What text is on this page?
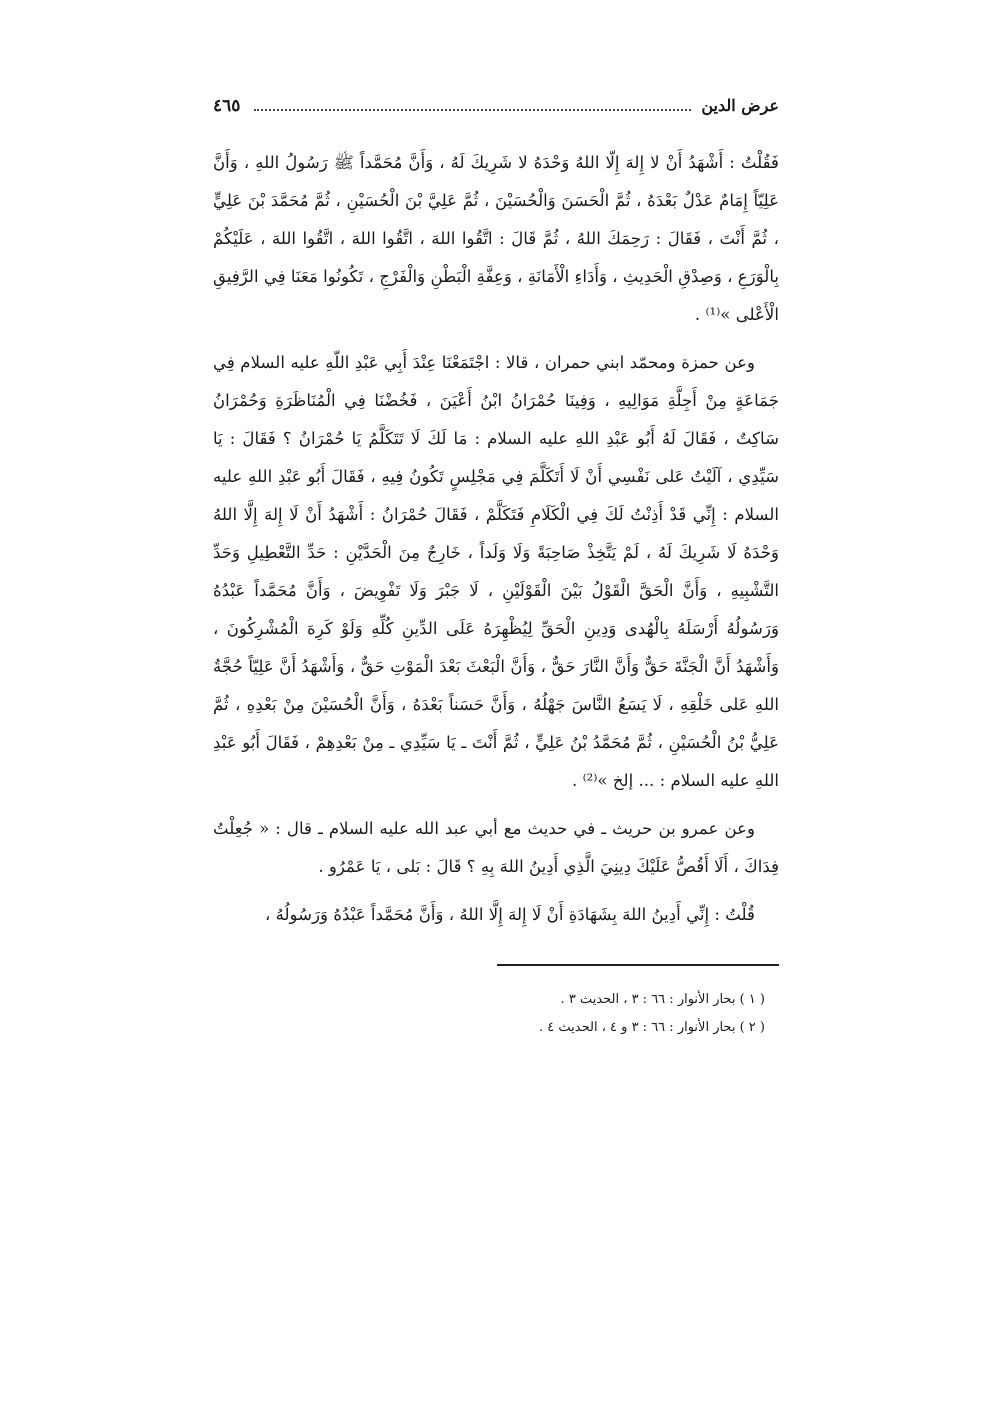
عرض الدين
٤٦٥

فَقُلْتُ : أَشْهَدُ أَنْ لا إِلهَ إِلّا اللهُ وَحْدَهُ لا شَرِيكَ لَهُ ، وَأَنَّ مُحَمَّداً ﷺ رَسُولُ اللهِ ، وَأَنَّ عَلِيّاً إِمَامٌ عَدْلٌ بَعْدَهُ ، ثُمَّ الْحَسَنَ وَالْحُسَيْنَ ، ثُمَّ عَلِيَّ بْنَ الْحُسَيْنِ ، ثُمَّ مُحَمَّدَ بْنَ عَلِيٍّ ، ثُمَّ أَنْتَ ، فَقَالَ : رَحِمَكَ اللهُ ، ثُمَّ قَالَ : اتَّقُوا اللهَ ، اتَّقُوا اللهَ ، اتَّقُوا اللهَ ، عَلَيْكُمْ بِالْوَرَعِ ، وَصِدْقِ الْحَدِيثِ ، وَأَدَاءِ الْأَمَانَةِ ، وَعِفَّةِ الْبَطْنِ وَالْفَرْجِ ، تَكُونُوا مَعَنَا فِي الرَّفِيقِ الْأَعْلى »⁽¹⁾ .

وعن حمزة ومحمّد ابني حمران ، قالا : اجْتَمَعْنَا عِنْدَ أَبِي عَبْدِ اللّهِ عليه السلام فِي جَمَاعَةٍ مِنْ أَجِلَّةِ مَوَالِيهِ ، وَفِينَا حُمْرَانُ ابْنُ أَعْيَنَ ، فَخُضْنَا فِي الْمُنَاظَرَةِ وَحُمْرَانُ سَاكِتٌ ، فَقَالَ لَهُ أَبُو عَبْدِ اللهِ عليه السلام : مَا لَكَ لَا تَتَكَلَّمُ يَا حُمْرَانُ ؟ فَقَالَ : يَا سَيِّدِي ، آلَيْتُ عَلى نَفْسِي أَنْ لَا أَتَكَلَّمَ فِي مَجْلِسٍ تَكُونُ فِيهِ ، فَقَالَ أَبُو عَبْدِ اللهِ عليه السلام : إِنِّي قَدْ أَذِنْتُ لَكَ فِي الْكَلَامِ فَتَكَلَّمْ ، فَقَالَ حُمْرَانُ : أَشْهَدُ أَنْ لَا إِلهَ إِلَّا اللهُ وَحْدَهُ لَا شَرِيكَ لَهُ ، لَمْ يَتَّخِذْ صَاحِبَةً وَلَا وَلَداً ، خَارِجٌ مِنَ الْحَدَّيْنِ : حَدِّ التَّعْطِيلِ وَحَدِّ التَّشْبِيهِ ، وَأَنَّ الْحَقَّ الْقَوْلُ بَيْنَ الْقَوْلَيْنِ ، لَا جَبْرَ وَلَا تَفْوِيضَ ، وَأَنَّ مُحَمَّداً عَبْدُهُ وَرَسُولُهُ أَرْسَلَهُ بِالْهُدى وَدِينِ الْحَقِّ لِيُظْهِرَهُ عَلَى الدِّينِ كُلِّهِ وَلَوْ كَرِهَ الْمُشْرِكُونَ ، وَأَشْهَدُ أَنَّ الْجَنَّةَ حَقٌّ وَأَنَّ النَّارَ حَقٌّ ، وَأَنَّ الْبَعْثَ بَعْدَ الْمَوْتِ حَقٌّ ، وَأَشْهَدُ أَنَّ عَلِيّاً حُجَّةُ اللهِ عَلى خَلْقِهِ ، لَا يَسَعُ النَّاسَ جَهْلُهُ ، وَأَنَّ حَسَناً بَعْدَهُ ، وَأَنَّ الْحُسَيْنَ مِنْ بَعْدِهِ ، ثُمَّ عَلِيُّ بْنُ الْحُسَيْنِ ، ثُمَّ مُحَمَّدُ بْنُ عَلِيٍّ ، ثُمَّ أَنْتَ ـ يَا سَيِّدِي ـ مِنْ بَعْدِهِمْ ، فَقَالَ أَبُو عَبْدِ اللهِ عليه السلام : ... إلخ »⁽²⁾ .

وعن عمرو بن حريث ـ في حديث مع أبي عبد الله عليه السلام ـ قال : « جُعِلْتُ فِدَاكَ ، أَلَا أَقُصُّ عَلَيْكَ دِينِيَ الَّذِي أَدِينُ اللهَ بِهِ ؟ قَالَ : بَلى ، يَا عَمْرُو .

قُلْتُ : إِنِّي أَدِينُ اللهَ بِشَهَادَةِ أَنْ لَا إِلهَ إِلَّا اللهُ ، وَأَنَّ مُحَمَّداً عَبْدُهُ وَرَسُولُهُ ،

( ١ ) بحار الأنوار : ٦٦ : ٣ ، الحديث ٣ .

( ٢ ) بحار الأنوار : ٦٦ : ٣ و ٤ ، الحديث ٤ .
